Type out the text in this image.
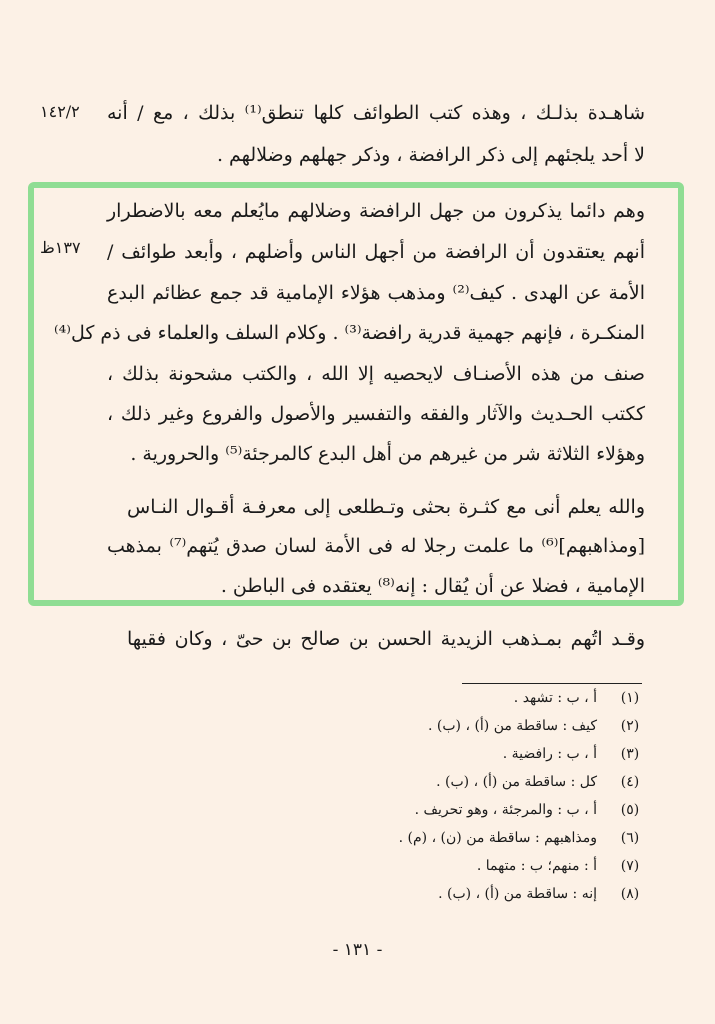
١٤٢/٢
١٣٧ظ
شاهـدة بذلـك ، وهذه كتب الطوائف كلها تنطق⁽¹⁾ بذلك ، مع / أنه
لا أحد يلجئهم إلى ذكر الرافضة ، وذكر جهلهم وضلالهم .
وهم دائما يذكرون من جهل الرافضة وضلالهم مايُعلم معه بالاضطرار
أنهم يعتقدون أن الرافضة من أجهل الناس وأضلهم ، وأبعد طوائف /
الأمة عن الهدى . كيف⁽²⁾ ومذهب هؤلاء الإمامية قد جمع عظائم البدع
المنكـرة ، فإنهم جهمية قدرية رافضة⁽³⁾ . وكلام السلف والعلماء فى ذم كل⁽⁴⁾
صنف من هذه الأصنـاف لايحصيه إلا الله ، والكتب مشحونة بذلك ،
ككتب الحـديث والآثار والفقه والتفسير والأصول والفروع وغير ذلك ،
وهؤلاء الثلاثة شر من غيرهم من أهل البدع كالمرجئة⁽⁵⁾ والحرورية .
والله يعلم أنى مع كثـرة بحثى وتـطلعى إلى معرفـة أقـوال النـاس
[ومذاهبهم]⁽⁶⁾ ما علمت رجلا له فى الأمة لسان صدق يُتهم⁽⁷⁾ بمذهب
الإمامية ، فضلا عن أن يُقال : إنه⁽⁸⁾ يعتقده فى الباطن .
وقـد اتُهم بمـذهب الزيدية الحسن بن صالح بن حىّ ، وكان فقيها
(١)
أ ، ب : تشهد .
(٢)
كيف : ساقطة من (أ) ، (ب) .
(٣)
أ ، ب : رافضية .
(٤)
كل : ساقطة من (أ) ، (ب) .
(٥)
أ ، ب : والمرجئة ، وهو تحريف .
(٦)
ومذاهبهم : ساقطة من (ن) ، (م) .
(٧)
أ : منهم؛ ب : متهما .
(٨)
إنه : ساقطة من (أ) ، (ب) .
- ١٣١ -
